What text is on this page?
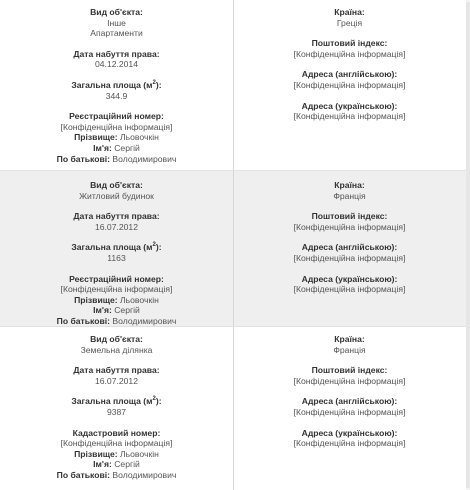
Вид об'єкта:
Інше
Апартаменти
Дата набуття права:
04.12.2014
Загальна площа $(м^2)$:
344.9
Реєстраційний номер:
[Конфіденційна інформація]
Прізвище: Льовочкін
Ім'я: Сергій
По батькові: Володимирович
Країна:
Греція
Поштовий індекс:
[Конфіденційна інформація]
Адреса (англійською):
[Конфіденційна інформація]
Адреса (українською):
[Конфіденційна інформація]
Вид об'єкта:
Житловий будинок
Дата набуття права:
16.07.2012
Загальна площа $(м^2)$:
1163
Реєстраційний номер:
[Конфіденційна інформація]
Прізвище: Льовочкін
Ім'я: Сергій
По батькові: Володимирович
Країна:
Франція
Поштовий індекс:
[Конфіденційна інформація]
Адреса (англійською):
[Конфіденційна інформація]
Адреса (українською):
[Конфіденційна інформація]
Вид об'єкта:
Земельна ділянка
Дата набуття права:
16.07.2012
Загальна площа $(м^2)$:
9387
Кадастровий номер:
[Конфіденційна інформація]
Прізвище: Льовочкін
Ім'я: Сергій
По батькові: Володимирович
Країна:
Франція
Поштовий індекс:
[Конфіденційна інформація]
Адреса (англійською):
[Конфіденційна інформація]
Адреса (українською):
[Конфіденційна інформація]
